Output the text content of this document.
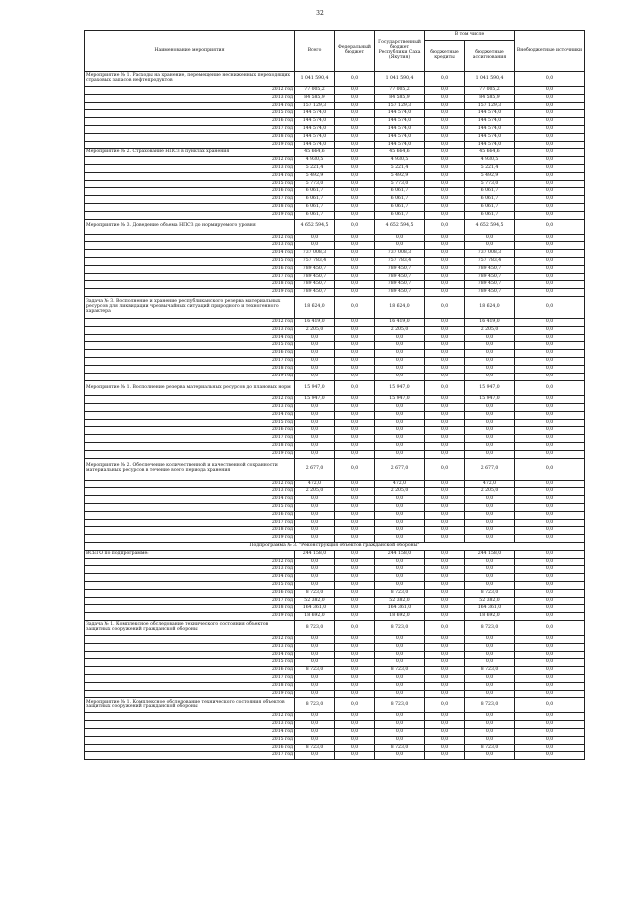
32
Наименование мероприятия	Всего	Федеральный бюджет	Государственный бюджет Республики Саха (Якутия)	В том числе		Внебюджетные источники
				бюджетные кредиты	бюджетные ассигнования	
Мероприятие № 1. Расходы на хранение, перемещение несниженных переходящих страховых запасов нефтепродуктов	1 041 590,4	0,0	1 041 590,4	0,0	1 041 590,4	0,0
2012 год	77 005,2	0,0	77 005,2	0,0	77 005,2	0,0
2013 год	84 585,9	0,0	84 585,9	0,0	84 585,9	0,0
2014 год	157 129,3	0,0	157 129,3	0,0	157 129,3	0,0
2015 год	144 574,0	0,0	144 574,0	0,0	144 574,0	0,0
2016 год	144 574,0	0,0	144 574,0	0,0	144 574,0	0,0
2017 год	144 574,0	0,0	144 574,0	0,0	144 574,0	0,0
2018 год	144 574,0	0,0	144 574,0	0,0	144 574,0	0,0
2019 год	144 574,0	0,0	144 574,0	0,0	144 574,0	0,0
Мероприятие № 2. Страхование НПСЗ в пунктах хранения	45 664,6	0,0	45 664,6	0,0	45 664,6	0,0
2012 год	4 930,5	0,0	4 930,5	0,0	4 930,5	0,0
2013 год	5 221,4	0,0	5 221,4	0,0	5 221,4	0,0
2014 год	5 492,9	0,0	5 492,9	0,0	5 492,9	0,0
2015 год	5 773,0	0,0	5 773,0	0,0	5 773,0	0,0
2016 год	6 061,7	0,0	6 061,7	0,0	6 061,7	0,0
2017 год	6 061,7	0,0	6 061,7	0,0	6 061,7	0,0
2018 год	6 061,7	0,0	6 061,7	0,0	6 061,7	0,0
2019 год	6 061,7	0,0	6 061,7	0,0	6 061,7	0,0
Мероприятие № 3. Доведение объема НПСЗ до нормируемого уровня	4 652 594,5	0,0	4 652 594,5	0,0	4 652 594,5	0,0
2012 год	0,0	0,0	0,0	0,0	0,0	0,0
2013 год	0,0	0,0	0,0	0,0	0,0	0,0
2014 год	737 008,3	0,0	737 008,3	0,0	737 008,3	0,0
2015 год	757 783,4	0,0	757 783,4	0,0	757 783,4	0,0
2016 год	789 450,7	0,0	789 450,7	0,0	789 450,7	0,0
2017 год	789 450,7	0,0	789 450,7	0,0	789 450,7	0,0
2018 год	789 450,7	0,0	789 450,7	0,0	789 450,7	0,0
2019 год	789 450,7	0,0	789 450,7	0,0	789 450,7	0,0
Задача № 3. Восполнение и хранение республиканского резерва материальных ресурсов для ликвидации чрезвычайных ситуаций природного и техногенного характера	18 624,0	0,0	18 624,0	0,0	18 624,0	0,0
2012 год	16 419,0	0,0	16 419,0	0,0	16 419,0	0,0
2013 год	2 205,0	0,0	2 205,0	0,0	2 205,0	0,0
2014 год	0,0	0,0	0,0	0,0	0,0	0,0
2015 год	0,0	0,0	0,0	0,0	0,0	0,0
2016 год	0,0	0,0	0,0	0,0	0,0	0,0
2017 год	0,0	0,0	0,0	0,0	0,0	0,0
2018 год	0,0	0,0	0,0	0,0	0,0	0,0
2019 год	0,0	0,0	0,0	0,0	0,0	0,0
Мероприятие № 1. Восполнение резерва материальных ресурсов до плановых норм	15 947,0	0,0	15 947,0	0,0	15 947,0	0,0
2012 год	15 947,0	0,0	15 947,0	0,0	15 947,0	0,0
2013 год	0,0	0,0	0,0	0,0	0,0	0,0
2014 год	0,0	0,0	0,0	0,0	0,0	0,0
2015 год	0,0	0,0	0,0	0,0	0,0	0,0
2016 год	0,0	0,0	0,0	0,0	0,0	0,0
2017 год	0,0	0,0	0,0	0,0	0,0	0,0
2018 год	0,0	0,0	0,0	0,0	0,0	0,0
2019 год	0,0	0,0	0,0	0,0	0,0	0,0
Мероприятие № 2. Обеспечение количественной и качественной сохранности материальных ресурсов в течение всего периода хранения	2 677,0	0,0	2 677,0	0,0	2 677,0	0,0
2012 год	472,0	0,0	472,0	0,0	472,0	0,0
2013 год	2 205,0	0,0	2 205,0	0,0	2 205,0	0,0
2014 год	0,0	0,0	0,0	0,0	0,0	0,0
2015 год	0,0	0,0	0,0	0,0	0,0	0,0
2016 год	0,0	0,0	0,0	0,0	0,0	0,0
2017 год	0,0	0,0	0,0	0,0	0,0	0,0
2018 год	0,0	0,0	0,0	0,0	0,0	0,0
2019 год	0,0	0,0	0,0	0,0	0,0	0,0
Подпрограмма № 3. "Реконструкция объектов гражданской обороны"						
ВСЕГО по подпрограмме:	244 158,0	0,0	244 158,0	0,0	244 158,0	0,0
2012 год	0,0	0,0	0,0	0,0	0,0	0,0
2013 год	0,0	0,0	0,0	0,0	0,0	0,0
2014 год	0,0	0,0	0,0	0,0	0,0	0,0
2015 год	0,0	0,0	0,0	0,0	0,0	0,0
2016 год	8 723,0	0,0	8 723,0	0,0	8 723,0	0,0
2017 год	52 382,0	0,0	52 382,0	0,0	52 382,0	0,0
2018 год	164 361,0	0,0	164 361,0	0,0	164 361,0	0,0
2019 год	18 692,0	0,0	18 692,0	0,0	18 692,0	0,0
Задача № 1. Комплексное обследование технического состояния объектов защитных сооружений гражданской обороны	8 723,0	0,0	8 723,0	0,0	8 723,0	0,0
2012 год	0,0	0,0	0,0	0,0	0,0	0,0
2013 год	0,0	0,0	0,0	0,0	0,0	0,0
2014 год	0,0	0,0	0,0	0,0	0,0	0,0
2015 год	0,0	0,0	0,0	0,0	0,0	0,0
2016 год	8 723,0	0,0	8 723,0	0,0	8 723,0	0,0
2017 год	0,0	0,0	0,0	0,0	0,0	0,0
2018 год	0,0	0,0	0,0	0,0	0,0	0,0
2019 год	0,0	0,0	0,0	0,0	0,0	0,0
Мероприятие № 1. Комплексное обследование технического состояния объектов защитных сооружений гражданской обороны	8 723,0	0,0	8 723,0	0,0	8 723,0	0,0
2012 год	0,0	0,0	0,0	0,0	0,0	0,0
2013 год	0,0	0,0	0,0	0,0	0,0	0,0
2014 год	0,0	0,0	0,0	0,0	0,0	0,0
2015 год	0,0	0,0	0,0	0,0	0,0	0,0
2016 год	8 723,0	0,0	8 723,0	0,0	8 723,0	0,0
2017 год	0,0	0,0	0,0	0,0	0,0	0,0
